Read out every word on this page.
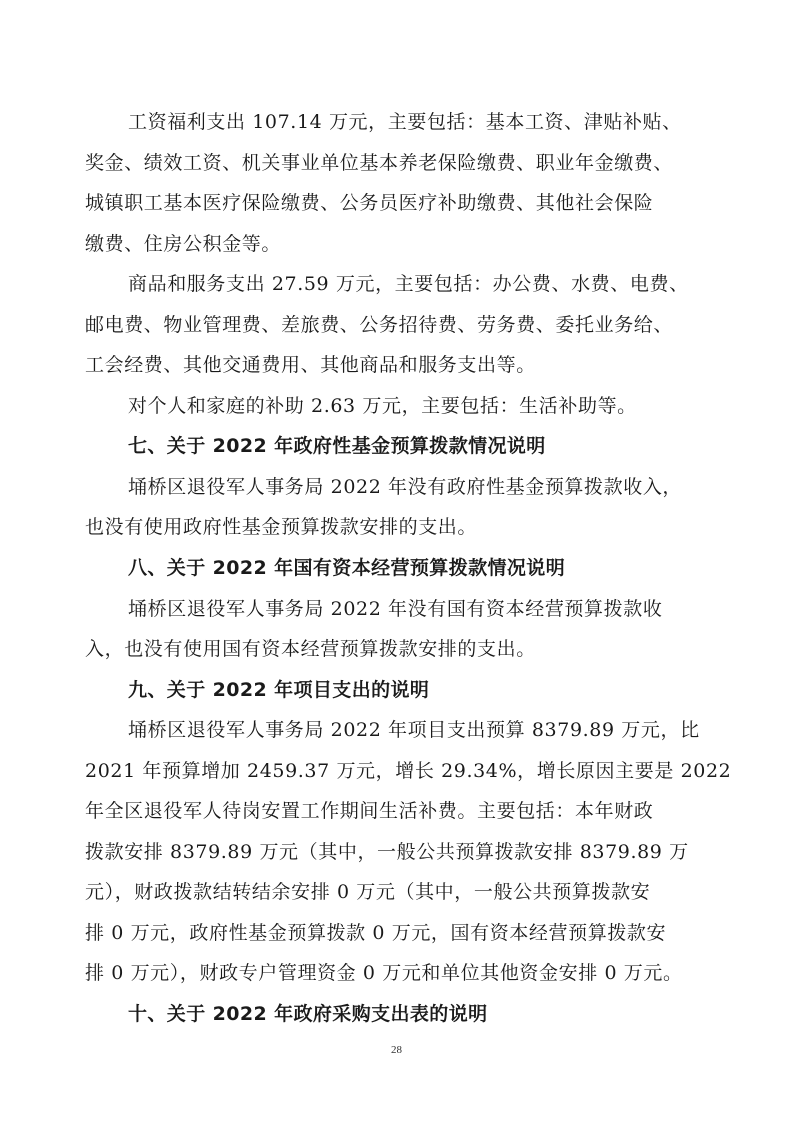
工资福利支出 107.14 万元，主要包括：基本工资、津贴补贴、
奖金、绩效工资、机关事业单位基本养老保险缴费、职业年金缴费、
城镇职工基本医疗保险缴费、公务员医疗补助缴费、其他社会保险
缴费、住房公积金等。
商品和服务支出 27.59 万元，主要包括：办公费、水费、电费、
邮电费、物业管理费、差旅费、公务招待费、劳务费、委托业务给、
工会经费、其他交通费用、其他商品和服务支出等。
对个人和家庭的补助 2.63 万元，主要包括：生活补助等。
七、关于 2022 年政府性基金预算拨款情况说明
埇桥区退役军人事务局 2022 年没有政府性基金预算拨款收入，
也没有使用政府性基金预算拨款安排的支出。
八、关于 2022 年国有资本经营预算拨款情况说明
埇桥区退役军人事务局 2022 年没有国有资本经营预算拨款收
入，也没有使用国有资本经营预算拨款安排的支出。
九、关于 2022 年项目支出的说明
埇桥区退役军人事务局 2022 年项目支出预算 8379.89 万元，比
2021 年预算增加 2459.37 万元，增长 29.34%，增长原因主要是 2022
年全区退役军人待岗安置工作期间生活补费。主要包括：本年财政
拨款安排 8379.89 万元（其中，一般公共预算拨款安排 8379.89 万
元），财政拨款结转结余安排 0 万元（其中，一般公共预算拨款安
排 0 万元，政府性基金预算拨款 0 万元，国有资本经营预算拨款安
排 0 万元），财政专户管理资金 0 万元和单位其他资金安排 0 万元。
十、关于 2022 年政府采购支出表的说明
28
